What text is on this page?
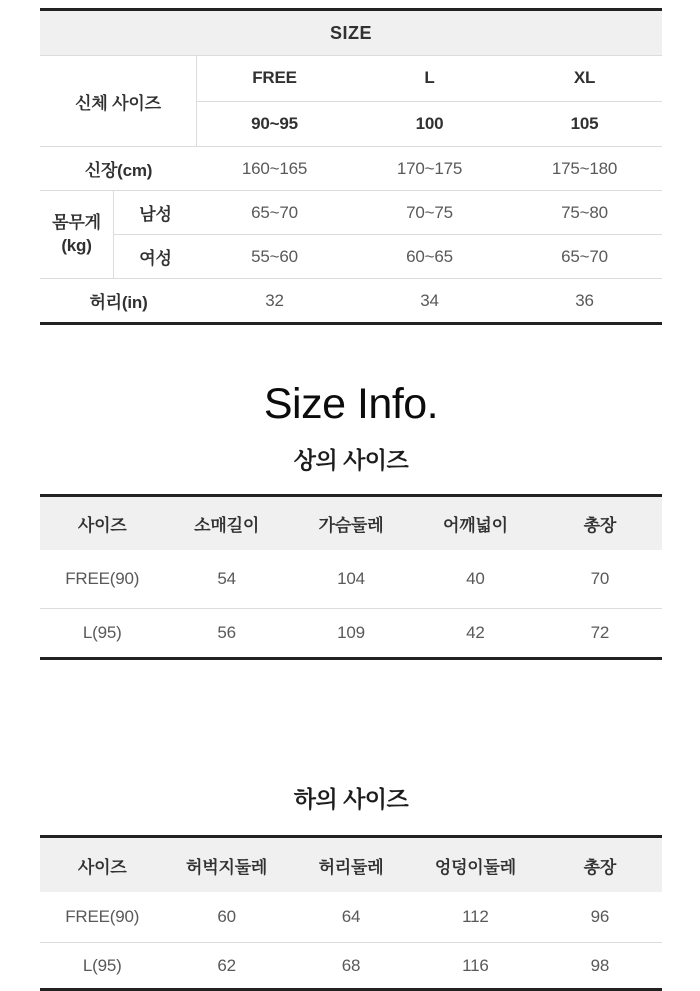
SIZE
신체 사이즈
FREE	L	XL
90~95	100	105
신장(cm)	160~165	170~175	175~180
몸무게
(kg)
남성	65~70	70~75	75~80
여성	55~60	60~65	65~70
허리(in)	32	34	36
Size Info.
상의 사이즈
사이즈	소매길이	가슴둘레	어깨넓이	총장
FREE(90)	54	104	40	70
L(95)	56	109	42	72
하의 사이즈
사이즈	허벅지둘레	허리둘레	엉덩이둘레	총장
FREE(90)	60	64	112	96
L(95)	62	68	116	98
